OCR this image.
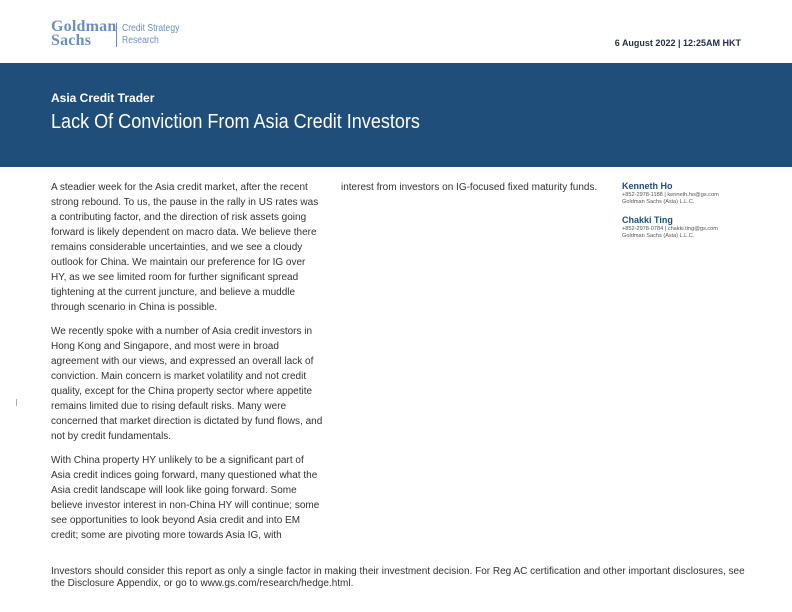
Goldman
Sachs
Credit Strategy
Research	6 August 2022 | 12:25AM HKT
Asia Credit Trader
Lack Of Conviction From Asia Credit Investors

A steadier week for the Asia credit market, after the recent strong rebound. To us, the pause in the rally in US rates was a contributing factor, and the direction of risk assets going forward is likely dependent on macro data. We believe there remains considerable uncertainties, and we see a cloudy outlook for China. We maintain our preference for IG over HY, as we see limited room for further significant spread tightening at the current juncture, and believe a muddle through scenario in China is possible.

We recently spoke with a number of Asia credit investors in Hong Kong and Singapore, and most were in broad agreement with our views, and expressed an overall lack of conviction. Main concern is market volatility and not credit quality, except for the China property sector where appetite remains limited due to rising default risks. Many were concerned that market direction is dictated by fund flows, and not by credit fundamentals.

With China property HY unlikely to be a significant part of Asia credit indices going forward, many questioned what the Asia credit landscape will look like going forward. Some believe investor interest in non-China HY will continue; some see opportunities to look beyond Asia credit and into EM credit; some are pivoting more towards Asia IG, with

interest from investors on IG-focused fixed maturity funds.	Kenneth Ho
+852-2978-1188 | kenneth.ho@gs.com
Goldman Sachs (Asia) L.L.C.
Chakki Ting
+852-2978-0784 | chakki.ting@gs.com
Goldman Sachs (Asia) L.L.C.
Investors should consider this report as only a single factor in making their investment decision. For Reg AC certification and other important disclosures, see the Disclosure Appendix, or go to www.gs.com/research/hedge.html.
